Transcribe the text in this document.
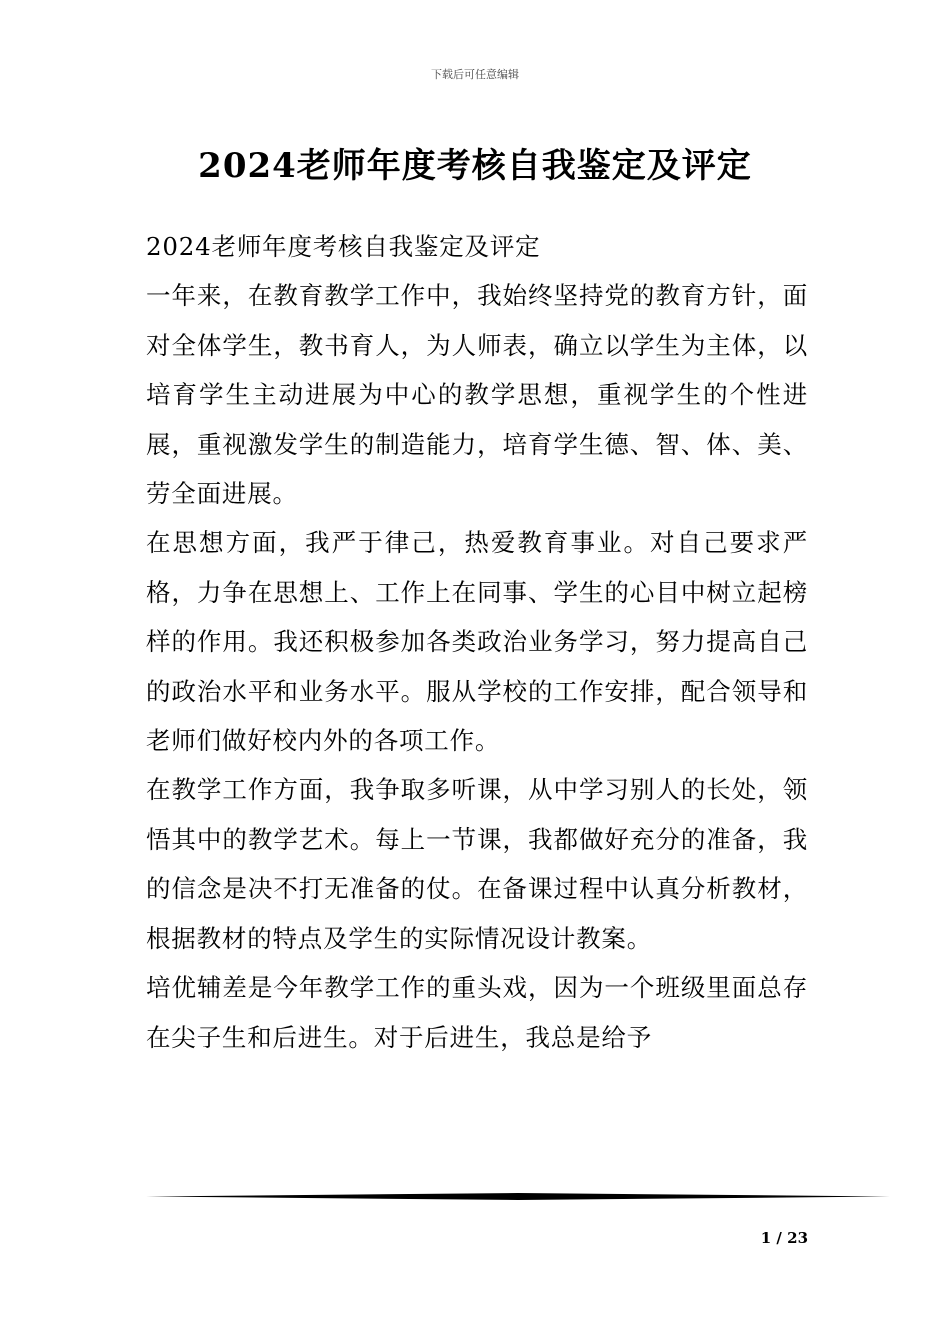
下载后可任意编辑
2024老师年度考核自我鉴定及评定

2024老师年度考核自我鉴定及评定

一年来，在教育教学工作中，我始终坚持党的教育方针，面对全体学生，教书育人，为人师表，确立以学生为主体，以培育学生主动进展为中心的教学思想，重视学生的个性进展，重视激发学生的制造能力，培育学生德、智、体、美、劳全面进展。

在思想方面，我严于律己，热爱教育事业。对自己要求严格，力争在思想上、工作上在同事、学生的心目中树立起榜样的作用。我还积极参加各类政治业务学习，努力提高自己的政治水平和业务水平。服从学校的工作安排，配合领导和老师们做好校内外的各项工作。

在教学工作方面，我争取多听课，从中学习别人的长处，领悟其中的教学艺术。每上一节课，我都做好充分的准备，我的信念是决不打无准备的仗。在备课过程中认真分析教材，根据教材的特点及学生的实际情况设计教案。

培优辅差是今年教学工作的重头戏，因为一个班级里面总存在尖子生和后进生。对于后进生，我总是给予

1 / 23
